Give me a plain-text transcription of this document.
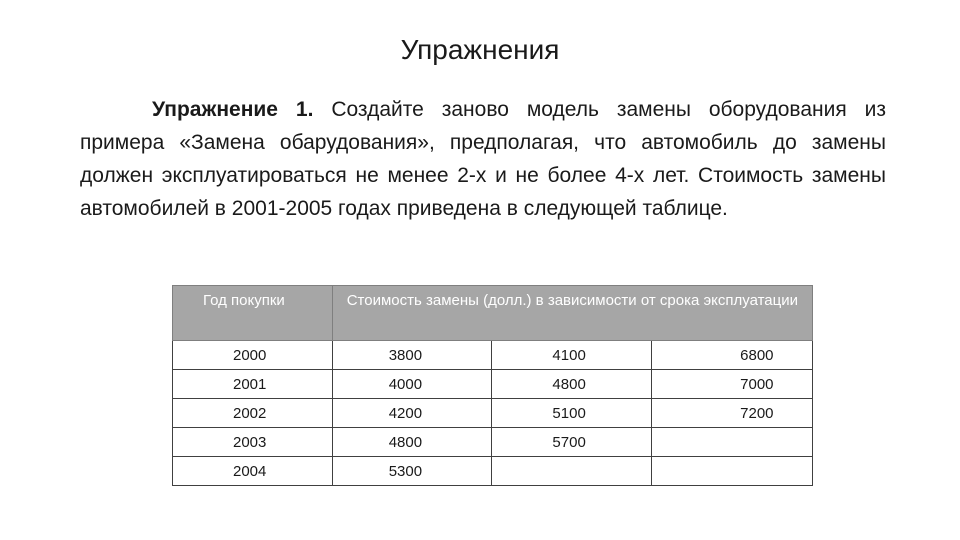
Упражнения

Упражнение 1. Создайте заново модель замены оборудования из примера «Замена обарудования», предполагая, что автомобиль до замены должен эксплуатироваться не менее 2-х и не более 4-х лет. Стоимость замены автомобилей в 2001-2005 годах приведена в следующей таблице.

Год покупки	Стоимость замены (долл.) в зависимости от срока эксплуатации		
2000	3800	4100	6800
2001	4000	4800	7000
2002	4200	5100	7200
2003	4800	5700	
2004	5300		
